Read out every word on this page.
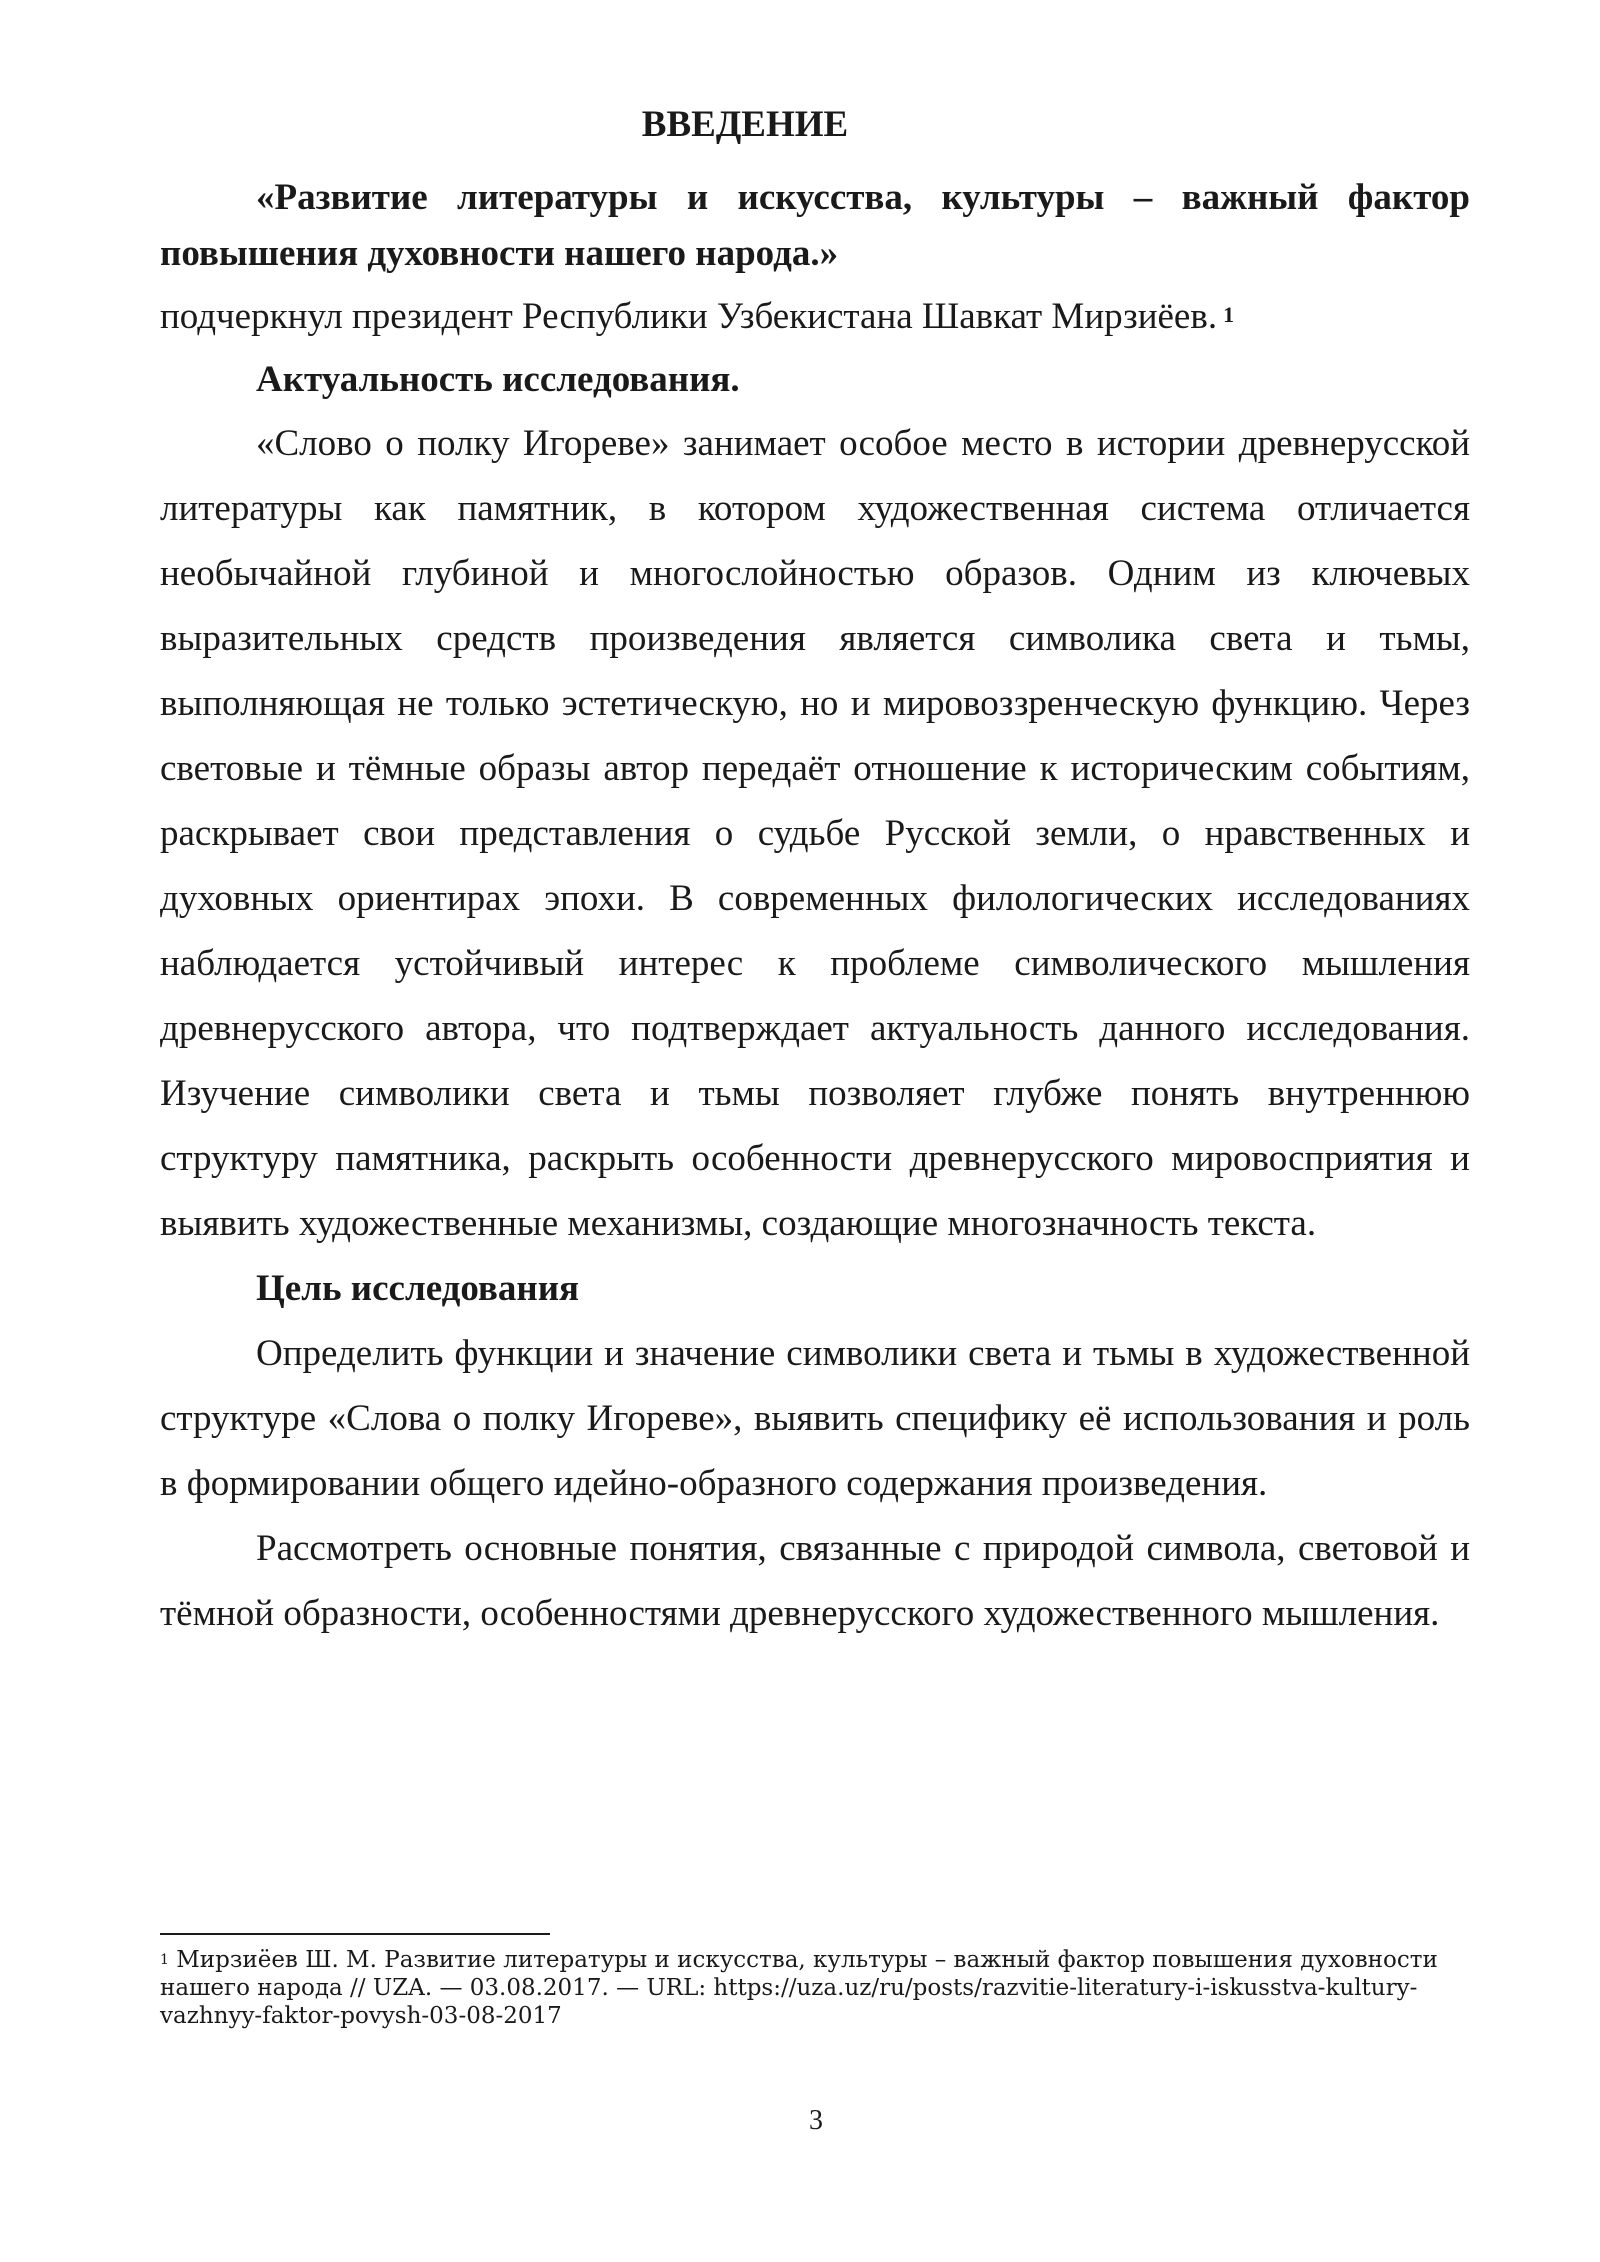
ВВЕДЕНИЕ

«Развитие литературы и искусства, культуры – важный фактор повышения духовности нашего народа.»

подчеркнул президент Республики Узбекистана Шавкат Мирзиёев. $^1$

Актуальность исследования.

«Слово о полку Игореве» занимает особое место в истории древнерусской литературы как памятник, в котором художественная система отличается необычайной глубиной и многослойностью образов. Одним из ключевых выразительных средств произведения является символика света и тьмы, выполняющая не только эстетическую, но и мировоззренческую функцию. Через световые и тёмные образы автор передаёт отношение к историческим событиям, раскрывает свои представления о судьбе Русской земли, о нравственных и духовных ориентирах эпохи. В современных филологических исследованиях наблюдается устойчивый интерес к проблеме символического мышления древнерусского автора, что подтверждает актуальность данного исследования. Изучение символики света и тьмы позволяет глубже понять внутреннюю структуру памятника, раскрыть особенности древнерусского мировосприятия и выявить художественные механизмы, создающие многозначность текста.

Цель исследования

Определить функции и значение символики света и тьмы в художественной структуре «Слова о полку Игореве», выявить специфику её использования и роль в формировании общего идейно-образного содержания произведения.

Рассмотреть основные понятия, связанные с природой символа, световой и тёмной образности, особенностями древнерусского художественного мышления.

$^1$ Мирзиёев Ш. М. Развитие литературы и искусства, культуры – важный фактор повышения духовности нашего народа // UZA. — 03.08.2017. — URL: https://uza.uz/ru/posts/razvitie-literatury-i-iskusstva-kultury-vazhnyy-faktor-povysh-03-08-2017
3
